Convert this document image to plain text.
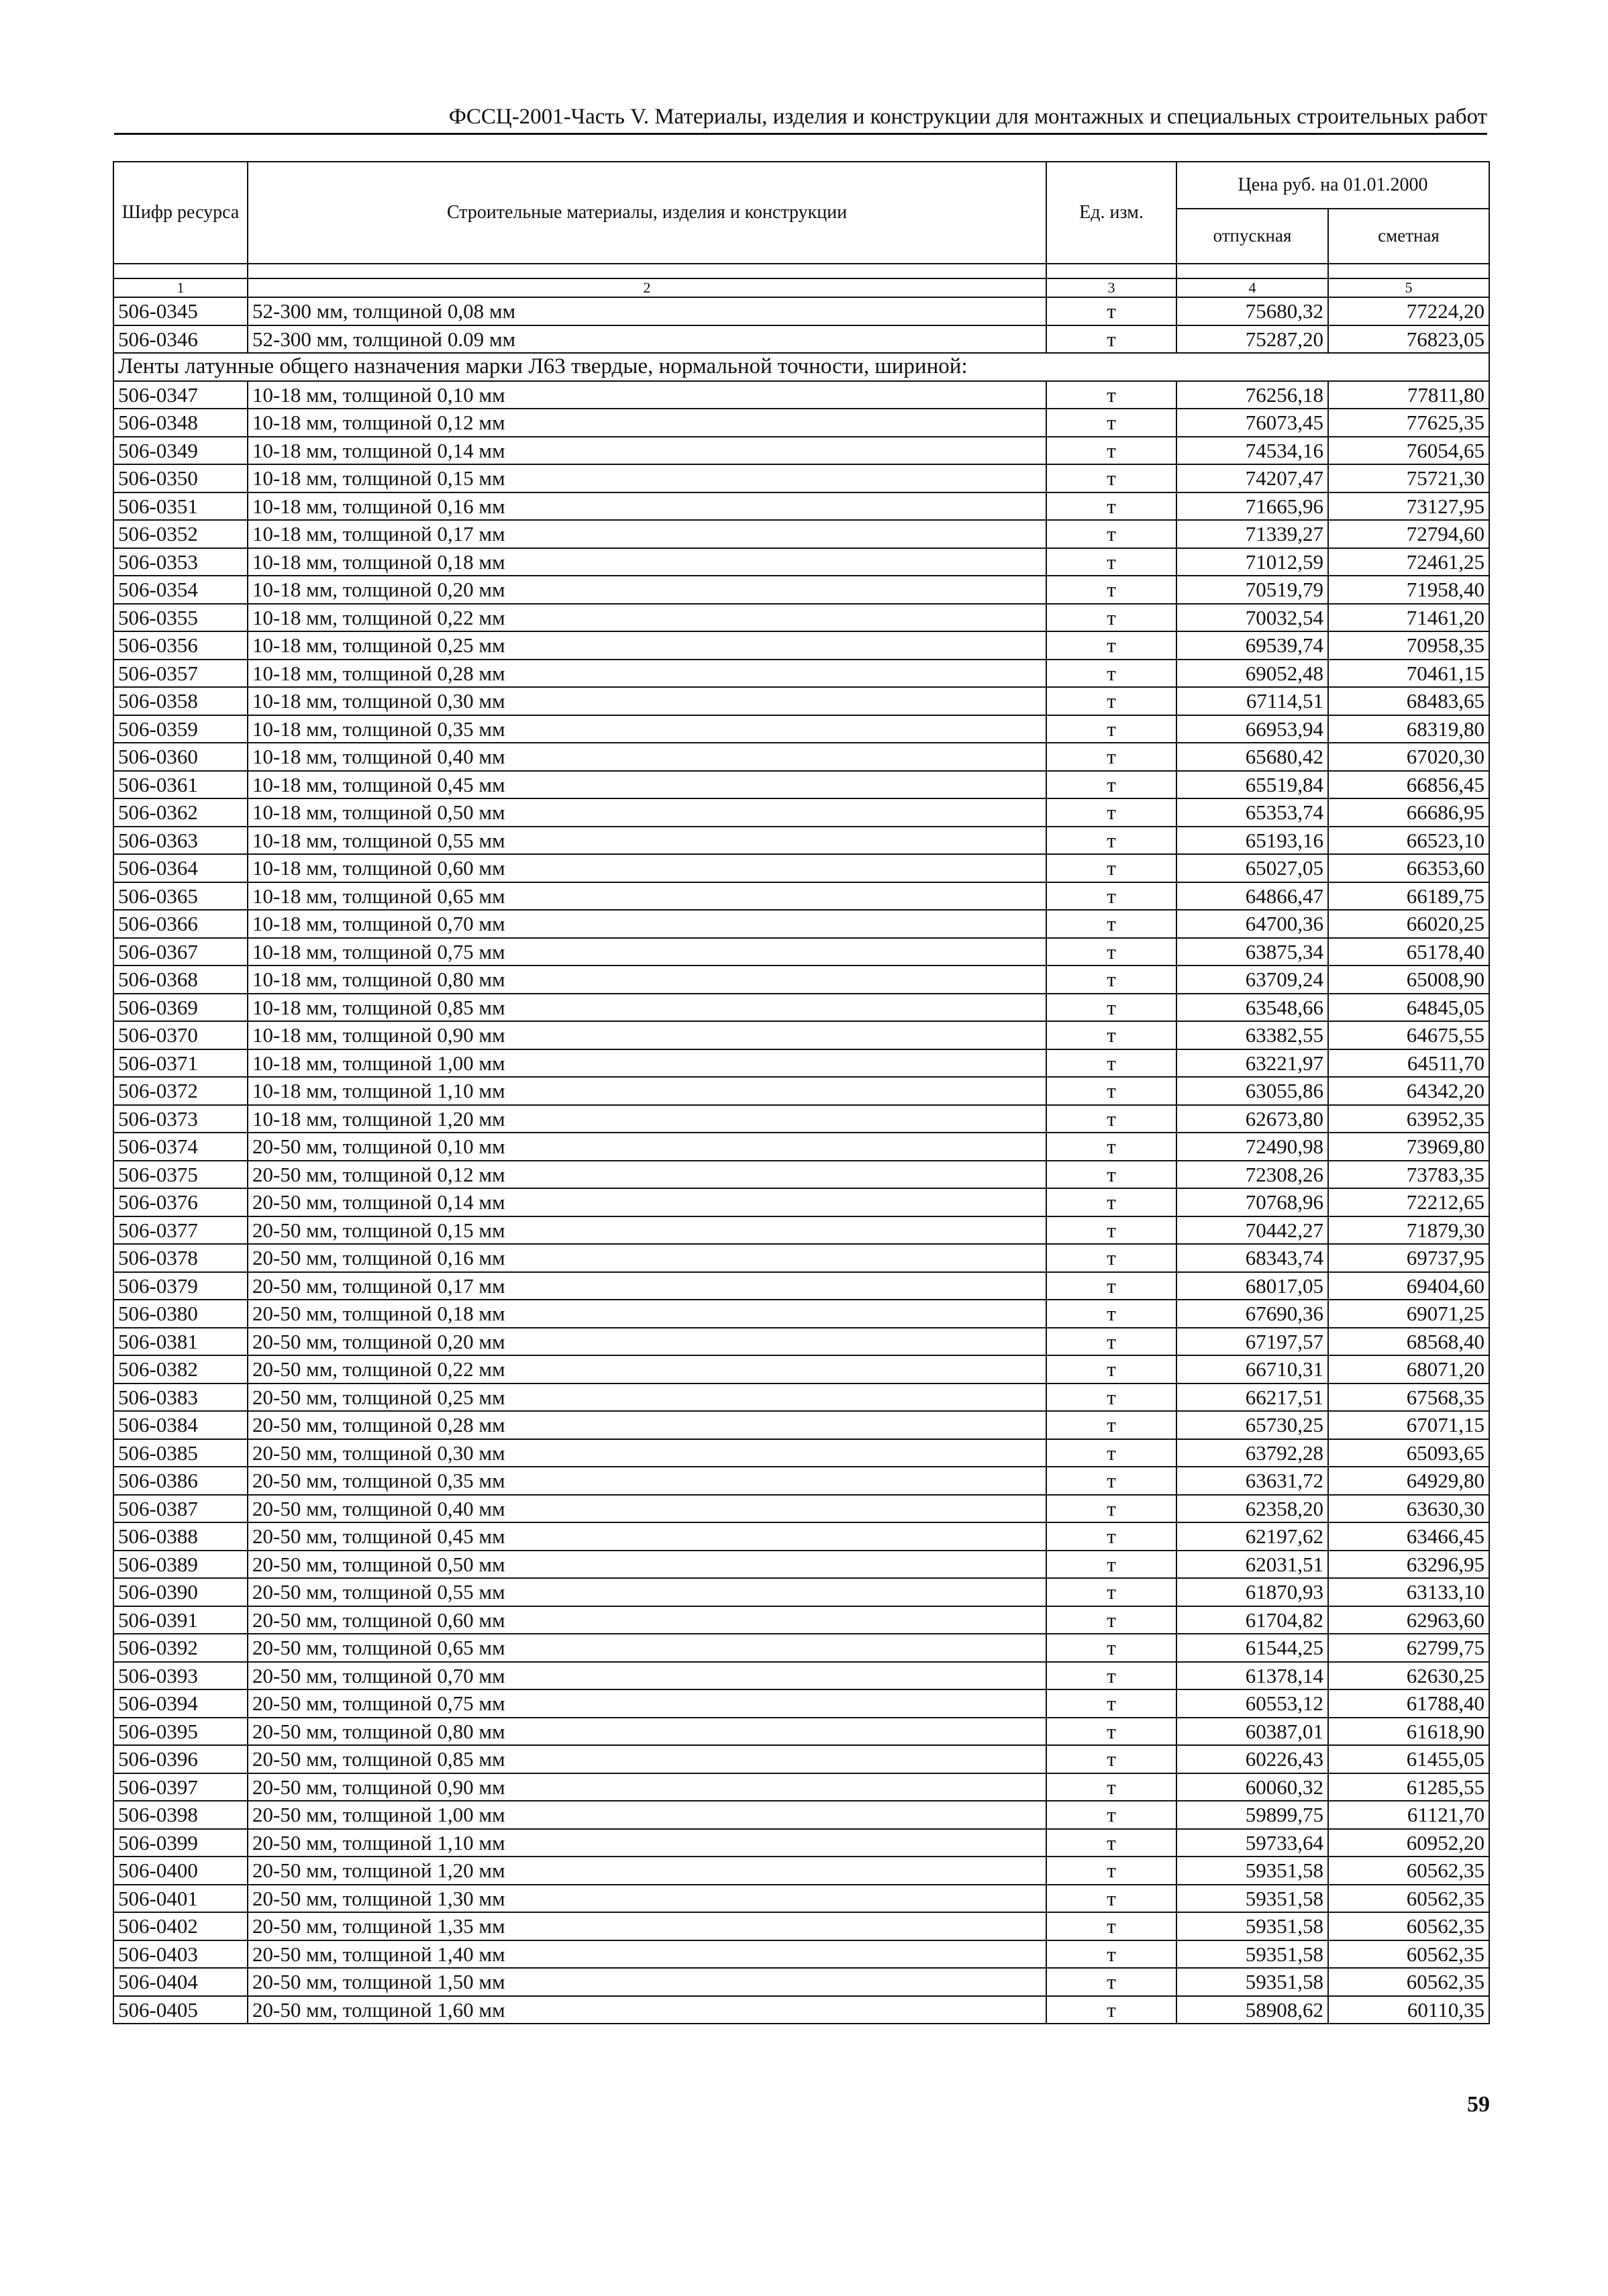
ФССЦ-2001-Часть V. Материалы, изделия и конструкции для монтажных и специальных строительных работ
Шифр ресурса	Строительные материалы, изделия и конструкции	Ед. изм.	Цена руб. на 01.01.2000	
			отпускная	сметная

1	2	3	4	5
506-0345	52-300 мм, толщиной 0,08 мм	т	75680,32	77224,20
506-0346	52-300 мм, толщиной 0.09 мм	т	75287,20	76823,05
Ленты латунные общего назначения марки Л63 твердые, нормальной точности, шириной:				
506-0347	10-18 мм, толщиной 0,10 мм	т	76256,18	77811,80
506-0348	10-18 мм, толщиной 0,12 мм	т	76073,45	77625,35
506-0349	10-18 мм, толщиной 0,14 мм	т	74534,16	76054,65
506-0350	10-18 мм, толщиной 0,15 мм	т	74207,47	75721,30
506-0351	10-18 мм, толщиной 0,16 мм	т	71665,96	73127,95
506-0352	10-18 мм, толщиной 0,17 мм	т	71339,27	72794,60
506-0353	10-18 мм, толщиной 0,18 мм	т	71012,59	72461,25
506-0354	10-18 мм, толщиной 0,20 мм	т	70519,79	71958,40
506-0355	10-18 мм, толщиной 0,22 мм	т	70032,54	71461,20
506-0356	10-18 мм, толщиной 0,25 мм	т	69539,74	70958,35
506-0357	10-18 мм, толщиной 0,28 мм	т	69052,48	70461,15
506-0358	10-18 мм, толщиной 0,30 мм	т	67114,51	68483,65
506-0359	10-18 мм, толщиной 0,35 мм	т	66953,94	68319,80
506-0360	10-18 мм, толщиной 0,40 мм	т	65680,42	67020,30
506-0361	10-18 мм, толщиной 0,45 мм	т	65519,84	66856,45
506-0362	10-18 мм, толщиной 0,50 мм	т	65353,74	66686,95
506-0363	10-18 мм, толщиной 0,55 мм	т	65193,16	66523,10
506-0364	10-18 мм, толщиной 0,60 мм	т	65027,05	66353,60
506-0365	10-18 мм, толщиной 0,65 мм	т	64866,47	66189,75
506-0366	10-18 мм, толщиной 0,70 мм	т	64700,36	66020,25
506-0367	10-18 мм, толщиной 0,75 мм	т	63875,34	65178,40
506-0368	10-18 мм, толщиной 0,80 мм	т	63709,24	65008,90
506-0369	10-18 мм, толщиной 0,85 мм	т	63548,66	64845,05
506-0370	10-18 мм, толщиной 0,90 мм	т	63382,55	64675,55
506-0371	10-18 мм, толщиной 1,00 мм	т	63221,97	64511,70
506-0372	10-18 мм, толщиной 1,10 мм	т	63055,86	64342,20
506-0373	10-18 мм, толщиной 1,20 мм	т	62673,80	63952,35
506-0374	20-50 мм, толщиной 0,10 мм	т	72490,98	73969,80
506-0375	20-50 мм, толщиной 0,12 мм	т	72308,26	73783,35
506-0376	20-50 мм, толщиной 0,14 мм	т	70768,96	72212,65
506-0377	20-50 мм, толщиной 0,15 мм	т	70442,27	71879,30
506-0378	20-50 мм, толщиной 0,16 мм	т	68343,74	69737,95
506-0379	20-50 мм, толщиной 0,17 мм	т	68017,05	69404,60
506-0380	20-50 мм, толщиной 0,18 мм	т	67690,36	69071,25
506-0381	20-50 мм, толщиной 0,20 мм	т	67197,57	68568,40
506-0382	20-50 мм, толщиной 0,22 мм	т	66710,31	68071,20
506-0383	20-50 мм, толщиной 0,25 мм	т	66217,51	67568,35
506-0384	20-50 мм, толщиной 0,28 мм	т	65730,25	67071,15
506-0385	20-50 мм, толщиной 0,30 мм	т	63792,28	65093,65
506-0386	20-50 мм, толщиной 0,35 мм	т	63631,72	64929,80
506-0387	20-50 мм, толщиной 0,40 мм	т	62358,20	63630,30
506-0388	20-50 мм, толщиной 0,45 мм	т	62197,62	63466,45
506-0389	20-50 мм, толщиной 0,50 мм	т	62031,51	63296,95
506-0390	20-50 мм, толщиной 0,55 мм	т	61870,93	63133,10
506-0391	20-50 мм, толщиной 0,60 мм	т	61704,82	62963,60
506-0392	20-50 мм, толщиной 0,65 мм	т	61544,25	62799,75
506-0393	20-50 мм, толщиной 0,70 мм	т	61378,14	62630,25
506-0394	20-50 мм, толщиной 0,75 мм	т	60553,12	61788,40
506-0395	20-50 мм, толщиной 0,80 мм	т	60387,01	61618,90
506-0396	20-50 мм, толщиной 0,85 мм	т	60226,43	61455,05
506-0397	20-50 мм, толщиной 0,90 мм	т	60060,32	61285,55
506-0398	20-50 мм, толщиной 1,00 мм	т	59899,75	61121,70
506-0399	20-50 мм, толщиной 1,10 мм	т	59733,64	60952,20
506-0400	20-50 мм, толщиной 1,20 мм	т	59351,58	60562,35
506-0401	20-50 мм, толщиной 1,30 мм	т	59351,58	60562,35
506-0402	20-50 мм, толщиной 1,35 мм	т	59351,58	60562,35
506-0403	20-50 мм, толщиной 1,40 мм	т	59351,58	60562,35
506-0404	20-50 мм, толщиной 1,50 мм	т	59351,58	60562,35
506-0405	20-50 мм, толщиной 1,60 мм	т	58908,62	60110,35
59
